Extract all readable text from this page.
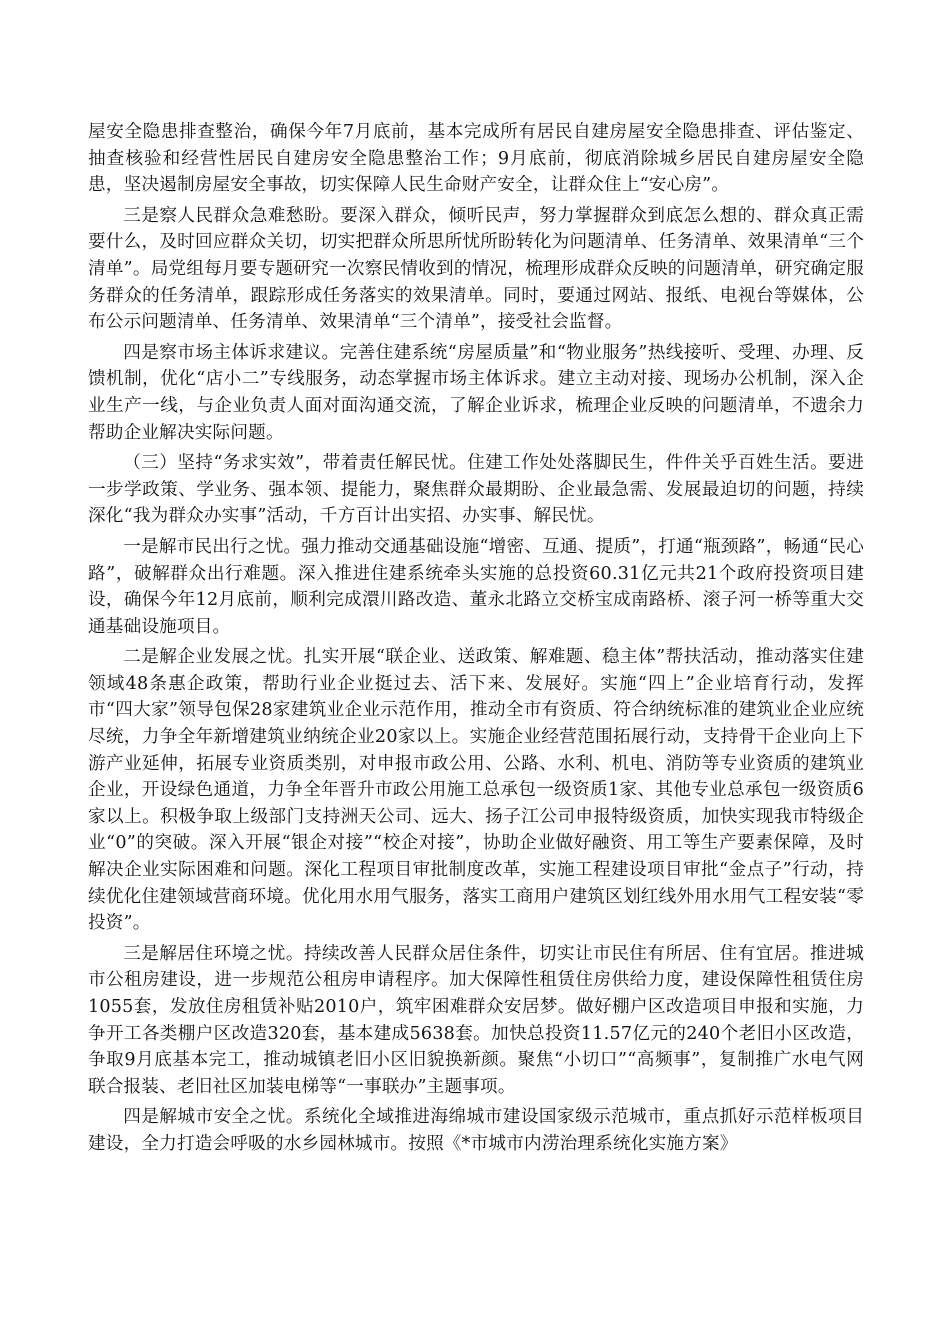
屋安全隐患排查整治，确保今年7月底前，基本完成所有居民自建房屋安全隐患排查、评估鉴定、抽查核验和经营性居民自建房安全隐患整治工作；9月底前，彻底消除城乡居民自建房屋安全隐患，坚决遏制房屋安全事故，切实保障人民生命财产安全，让群众住上“安心房”。

三是察人民群众急难愁盼。要深入群众，倾听民声，努力掌握群众到底怎么想的、群众真正需要什么，及时回应群众关切，切实把群众所思所忧所盼转化为问题清单、任务清单、效果清单“三个清单”。局党组每月要专题研究一次察民情收到的情况，梳理形成群众反映的问题清单，研究确定服务群众的任务清单，跟踪形成任务落实的效果清单。同时，要通过网站、报纸、电视台等媒体，公布公示问题清单、任务清单、效果清单“三个清单”，接受社会监督。

四是察市场主体诉求建议。完善住建系统“房屋质量”和“物业服务”热线接听、受理、办理、反馈机制，优化“店小二”专线服务，动态掌握市场主体诉求。建立主动对接、现场办公机制，深入企业生产一线，与企业负责人面对面沟通交流，了解企业诉求，梳理企业反映的问题清单，不遗余力帮助企业解决实际问题。

（三）坚持“务求实效”，带着责任解民忧。住建工作处处落脚民生，件件关乎百姓生活。要进一步学政策、学业务、强本领、提能力，聚焦群众最期盼、企业最急需、发展最迫切的问题，持续深化“我为群众办实事”活动，千方百计出实招、办实事、解民忧。

一是解市民出行之忧。强力推动交通基础设施“增密、互通、提质”，打通“瓶颈路”，畅通“民心路”，破解群众出行难题。深入推进住建系统牵头实施的总投资60.31亿元共21个政府投资项目建设，确保今年12月底前，顺利完成澴川路改造、董永北路立交桥宝成南路桥、滚子河一桥等重大交通基础设施项目。

二是解企业发展之忧。扎实开展“联企业、送政策、解难题、稳主体”帮扶活动，推动落实住建领域48条惠企政策，帮助行业企业挺过去、活下来、发展好。实施“四上”企业培育行动，发挥市“四大家”领导包保28家建筑业企业示范作用，推动全市有资质、符合纳统标准的建筑业企业应统尽统，力争全年新增建筑业纳统企业20家以上。实施企业经营范围拓展行动，支持骨干企业向上下游产业延伸，拓展专业资质类别，对申报市政公用、公路、水利、机电、消防等专业资质的建筑业企业，开设绿色通道，力争全年晋升市政公用施工总承包一级资质1家、其他专业总承包一级资质6家以上。积极争取上级部门支持洲天公司、远大、扬子江公司申报特级资质，加快实现我市特级企业“0”的突破。深入开展“银企对接”“校企对接”，协助企业做好融资、用工等生产要素保障，及时解决企业实际困难和问题。深化工程项目审批制度改革，实施工程建设项目审批“金点子”行动，持续优化住建领域营商环境。优化用水用气服务，落实工商用户建筑区划红线外用水用气工程安装“零投资”。

三是解居住环境之忧。持续改善人民群众居住条件，切实让市民住有所居、住有宜居。推进城市公租房建设，进一步规范公租房申请程序。加大保障性租赁住房供给力度，建设保障性租赁住房1055套，发放住房租赁补贴2010户，筑牢困难群众安居梦。做好棚户区改造项目申报和实施，力争开工各类棚户区改造320套，基本建成5638套。加快总投资11.57亿元的240个老旧小区改造，争取9月底基本完工，推动城镇老旧小区旧貌换新颜。聚焦“小切口”“高频事”，复制推广水电气网联合报装、老旧社区加装电梯等“一事联办”主题事项。

四是解城市安全之忧。系统化全域推进海绵城市建设国家级示范城市，重点抓好示范样板项目建设，全力打造会呼吸的水乡园林城市。按照《*市城市内涝治理系统化实施方案》
